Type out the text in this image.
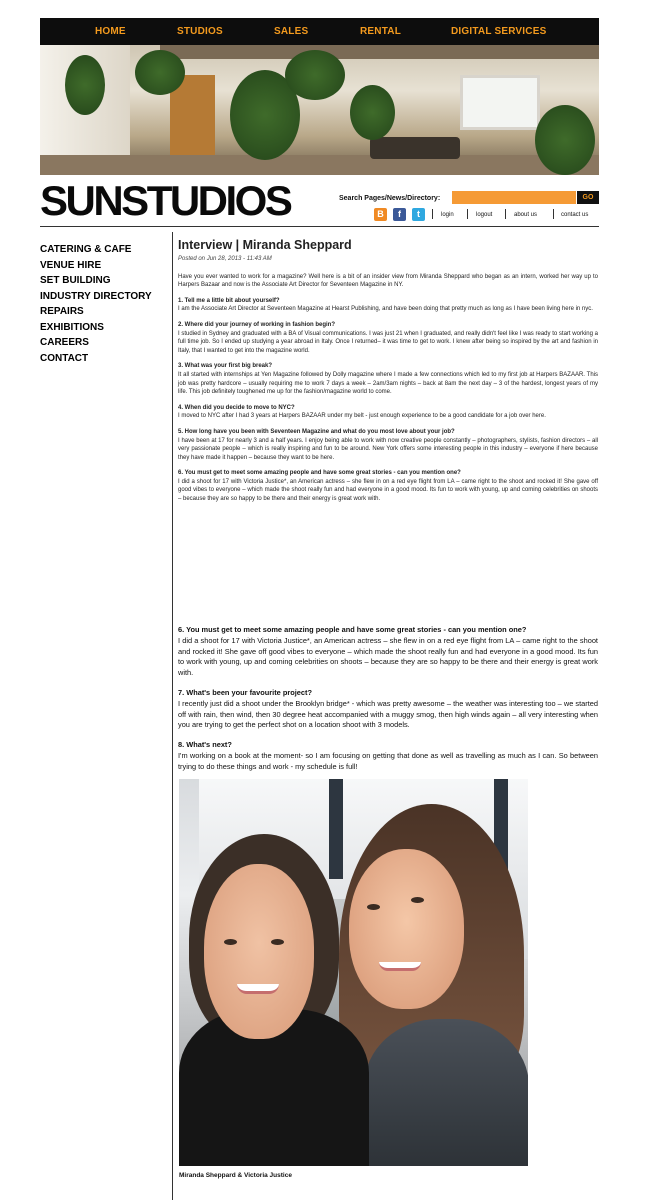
HOME	STUDIOS	SALES	RENTAL	DIGITAL SERVICES
SUNSTUDIOS	Search Pages/News/Directory:	GO
B	f	t	login	logout	about us	contact us
CATERING & CAFE
VENUE HIRE
SET BUILDING
INDUSTRY DIRECTORY
REPAIRS
EXHIBITIONS
CAREERS
CONTACT
Interview | Miranda Sheppard
Posted on Jun 28, 2013 - 11:43 AM

Have you ever wanted to work for a magazine? Well here is a bit of an insider view from Miranda Sheppard who began as an intern, worked her way up to Harpers Bazaar and now is the Associate Art Director for Seventeen Magazine in NY.

1. Tell me a little bit about yourself?

I am the Associate Art Director at Seventeen Magazine at Hearst Publishing, and have been doing that pretty much as long as I have been living here in nyc.

2. Where did your journey of working in fashion begin?

I studied in Sydney and graduated with a BA of Visual communications. I was just 21 when I graduated, and really didn't feel like I was ready to start working a full time job. So I ended up studying a year abroad in Italy. Once I returned– it was time to get to work. I knew after being so inspired by the art and fashion in Italy, that I wanted to get into the magazine world.

3. What was your first big break?

It all started with internships at Yen Magazine followed by Dolly magazine where I made a few connections which led to my first job at Harpers BAZAAR. This job was pretty hardcore – usually requiring me to work 7 days a week – 2am/3am nights – back at 8am the next day – 3 of the hardest, longest years of my life. This job definitely toughened me up for the fashion/magazine world to come.

4. When did you decide to move to NYC?

I moved to NYC after I had 3 years at Harpers BAZAAR under my belt - just enough experience to be a good candidate for a job over here.

5. How long have you been with Seventeen Magazine and what do you most love about your job?

I have been at 17 for nearly 3 and a half years. I enjoy being able to work with now creative people constantly – photographers, stylists, fashion directors – all very passionate people – which is really inspiring and fun to be around. New York offers some interesting people in this industry – everyone if here because they have made it happen – because they want to be here.

6. You must get to meet some amazing people and have some great stories - can you mention one?

I did a shoot for 17 with Victoria Justice*, an American actress – she flew in on a red eye flight from LA – came right to the shoot and rocked it! She gave off good vibes to everyone – which made the shoot really fun and had everyone in a good mood. Its fun to work with young, up and coming celebrities on shoots – because they are so happy to be there and their energy is great work with.

6. You must get to meet some amazing people and have some great stories - can you mention one?

I did a shoot for 17 with Victoria Justice*, an American actress – she flew in on a red eye flight from LA – came right to the shoot and rocked it! She gave off good vibes to everyone – which made the shoot really fun and had everyone in a good mood. Its fun to work with young, up and coming celebrities on shoots – because they are so happy to be there and their energy is great work with.

7. What's been your favourite project?

I recently just did a shoot under the Brooklyn bridge* - which was pretty awesome – the weather was interesting too – we started off with rain, then wind, then 30 degree heat accompanied with a muggy smog, then high winds again – all very interesting when you are trying to get the perfect shot on a location shoot with 3 models.

8. What's next?

I'm working on a book at the moment- so I am focusing on getting that done as well as travelling as much as I can. So between trying to do these things and work - my schedule is full!

Miranda Sheppard & Victoria Justice
